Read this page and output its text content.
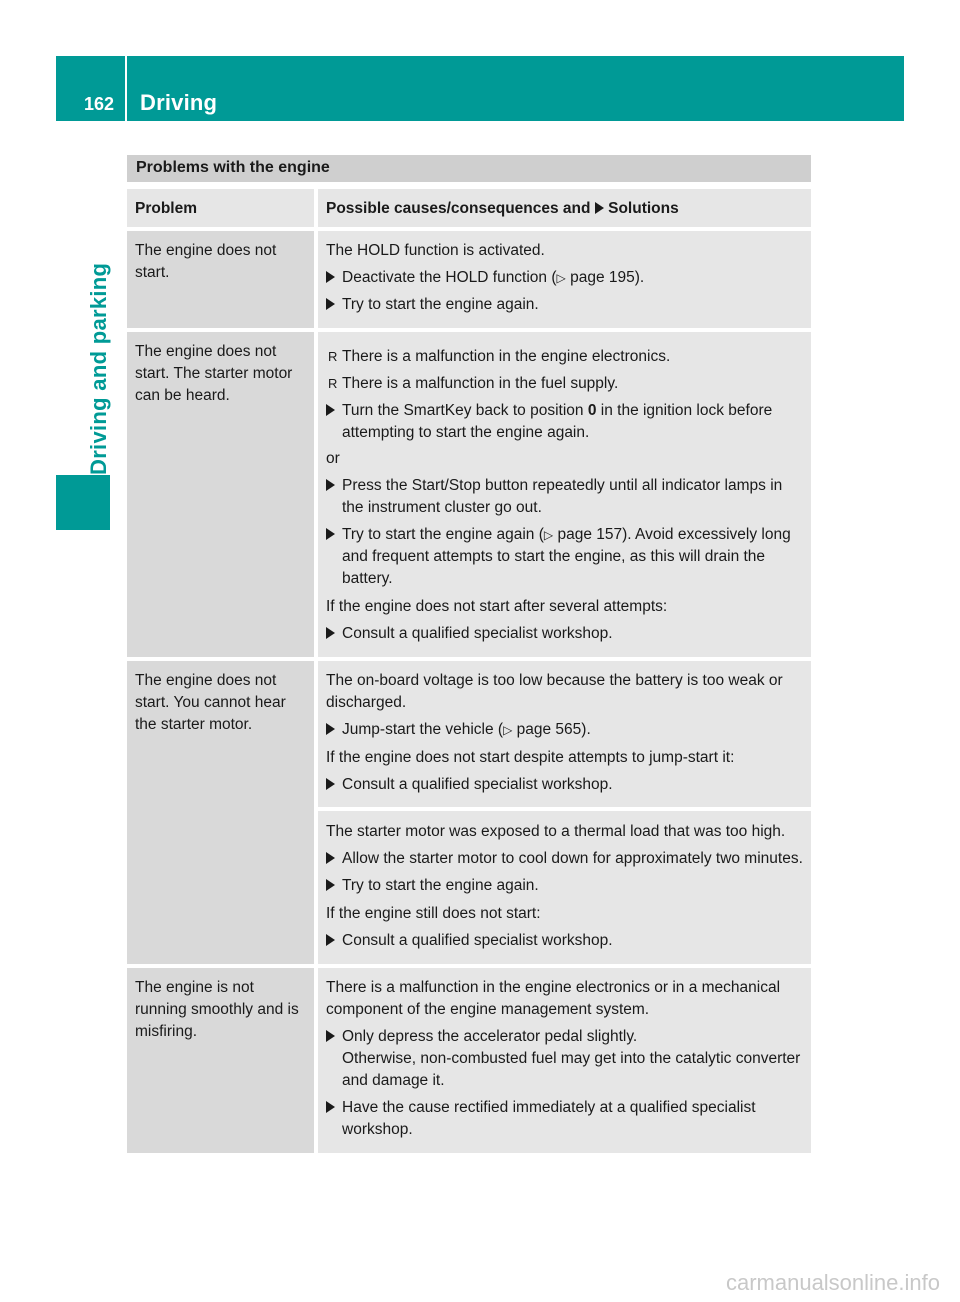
162 Driving
Driving and parking
Problems with the engine
Problem	Possible causes/consequences and Solutions
The engine does not start.

The HOLD function is activated.

Deactivate the HOLD function (▷ page 195).
Try to start the engine again.
The engine does not start. The starter motor can be heard.
R There is a malfunction in the engine electronics.
R There is a malfunction in the fuel supply.
Turn the SmartKey back to position 0 in the ignition lock before attempting to start the engine again.

or

Press the Start/Stop button repeatedly until all indicator lamps in the instrument cluster go out.
Try to start the engine again (▷ page 157). Avoid excessively long and frequent attempts to start the engine, as this will drain the battery.

If the engine does not start after several attempts:

Consult a qualified specialist workshop.
The engine does not start. You cannot hear the starter motor.

The on-board voltage is too low because the battery is too weak or discharged.

Jump-start the vehicle (▷ page 565).

If the engine does not start despite attempts to jump-start it:

Consult a qualified specialist workshop.

The starter motor was exposed to a thermal load that was too high.

Allow the starter motor to cool down for approximately two minutes.
Try to start the engine again.

If the engine still does not start:

Consult a qualified specialist workshop.
The engine is not running smoothly and is misfiring.

There is a malfunction in the engine electronics or in a mechanical component of the engine management system.

Only depress the accelerator pedal slightly.
Otherwise, non-combusted fuel may get into the catalytic converter and damage it.
Have the cause rectified immediately at a qualified specialist workshop.
carmanualsonline.info
